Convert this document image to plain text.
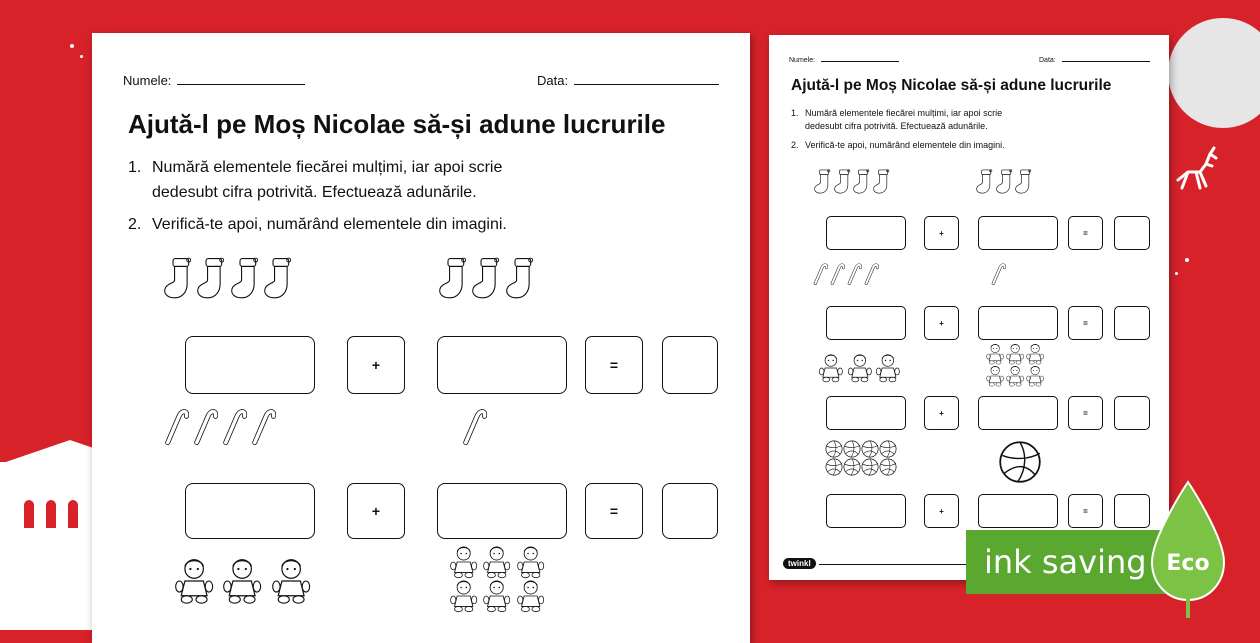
Numele:	Data:
Ajută-l pe Moș Nicolae să-și adune lucrurile
1. Numără elementele fiecărei mulțimi, iar apoi scrie
dedesubt cifra potrivită. Efectuează adunările.
2. Verifică-te apoi, numărând elementele din imagini.
+	=
+	=
Numele:	Data:
Ajută-l pe Moș Nicolae să-și adune lucrurile
1. Numără elementele fiecărei mulțimi, iar apoi scrie
dedesubt cifra potrivită. Efectuează adunările.
2. Verifică-te apoi, numărând elementele din imagini.
+	=
+	=
+	=
+	=
twinkl	ink saving Eco
